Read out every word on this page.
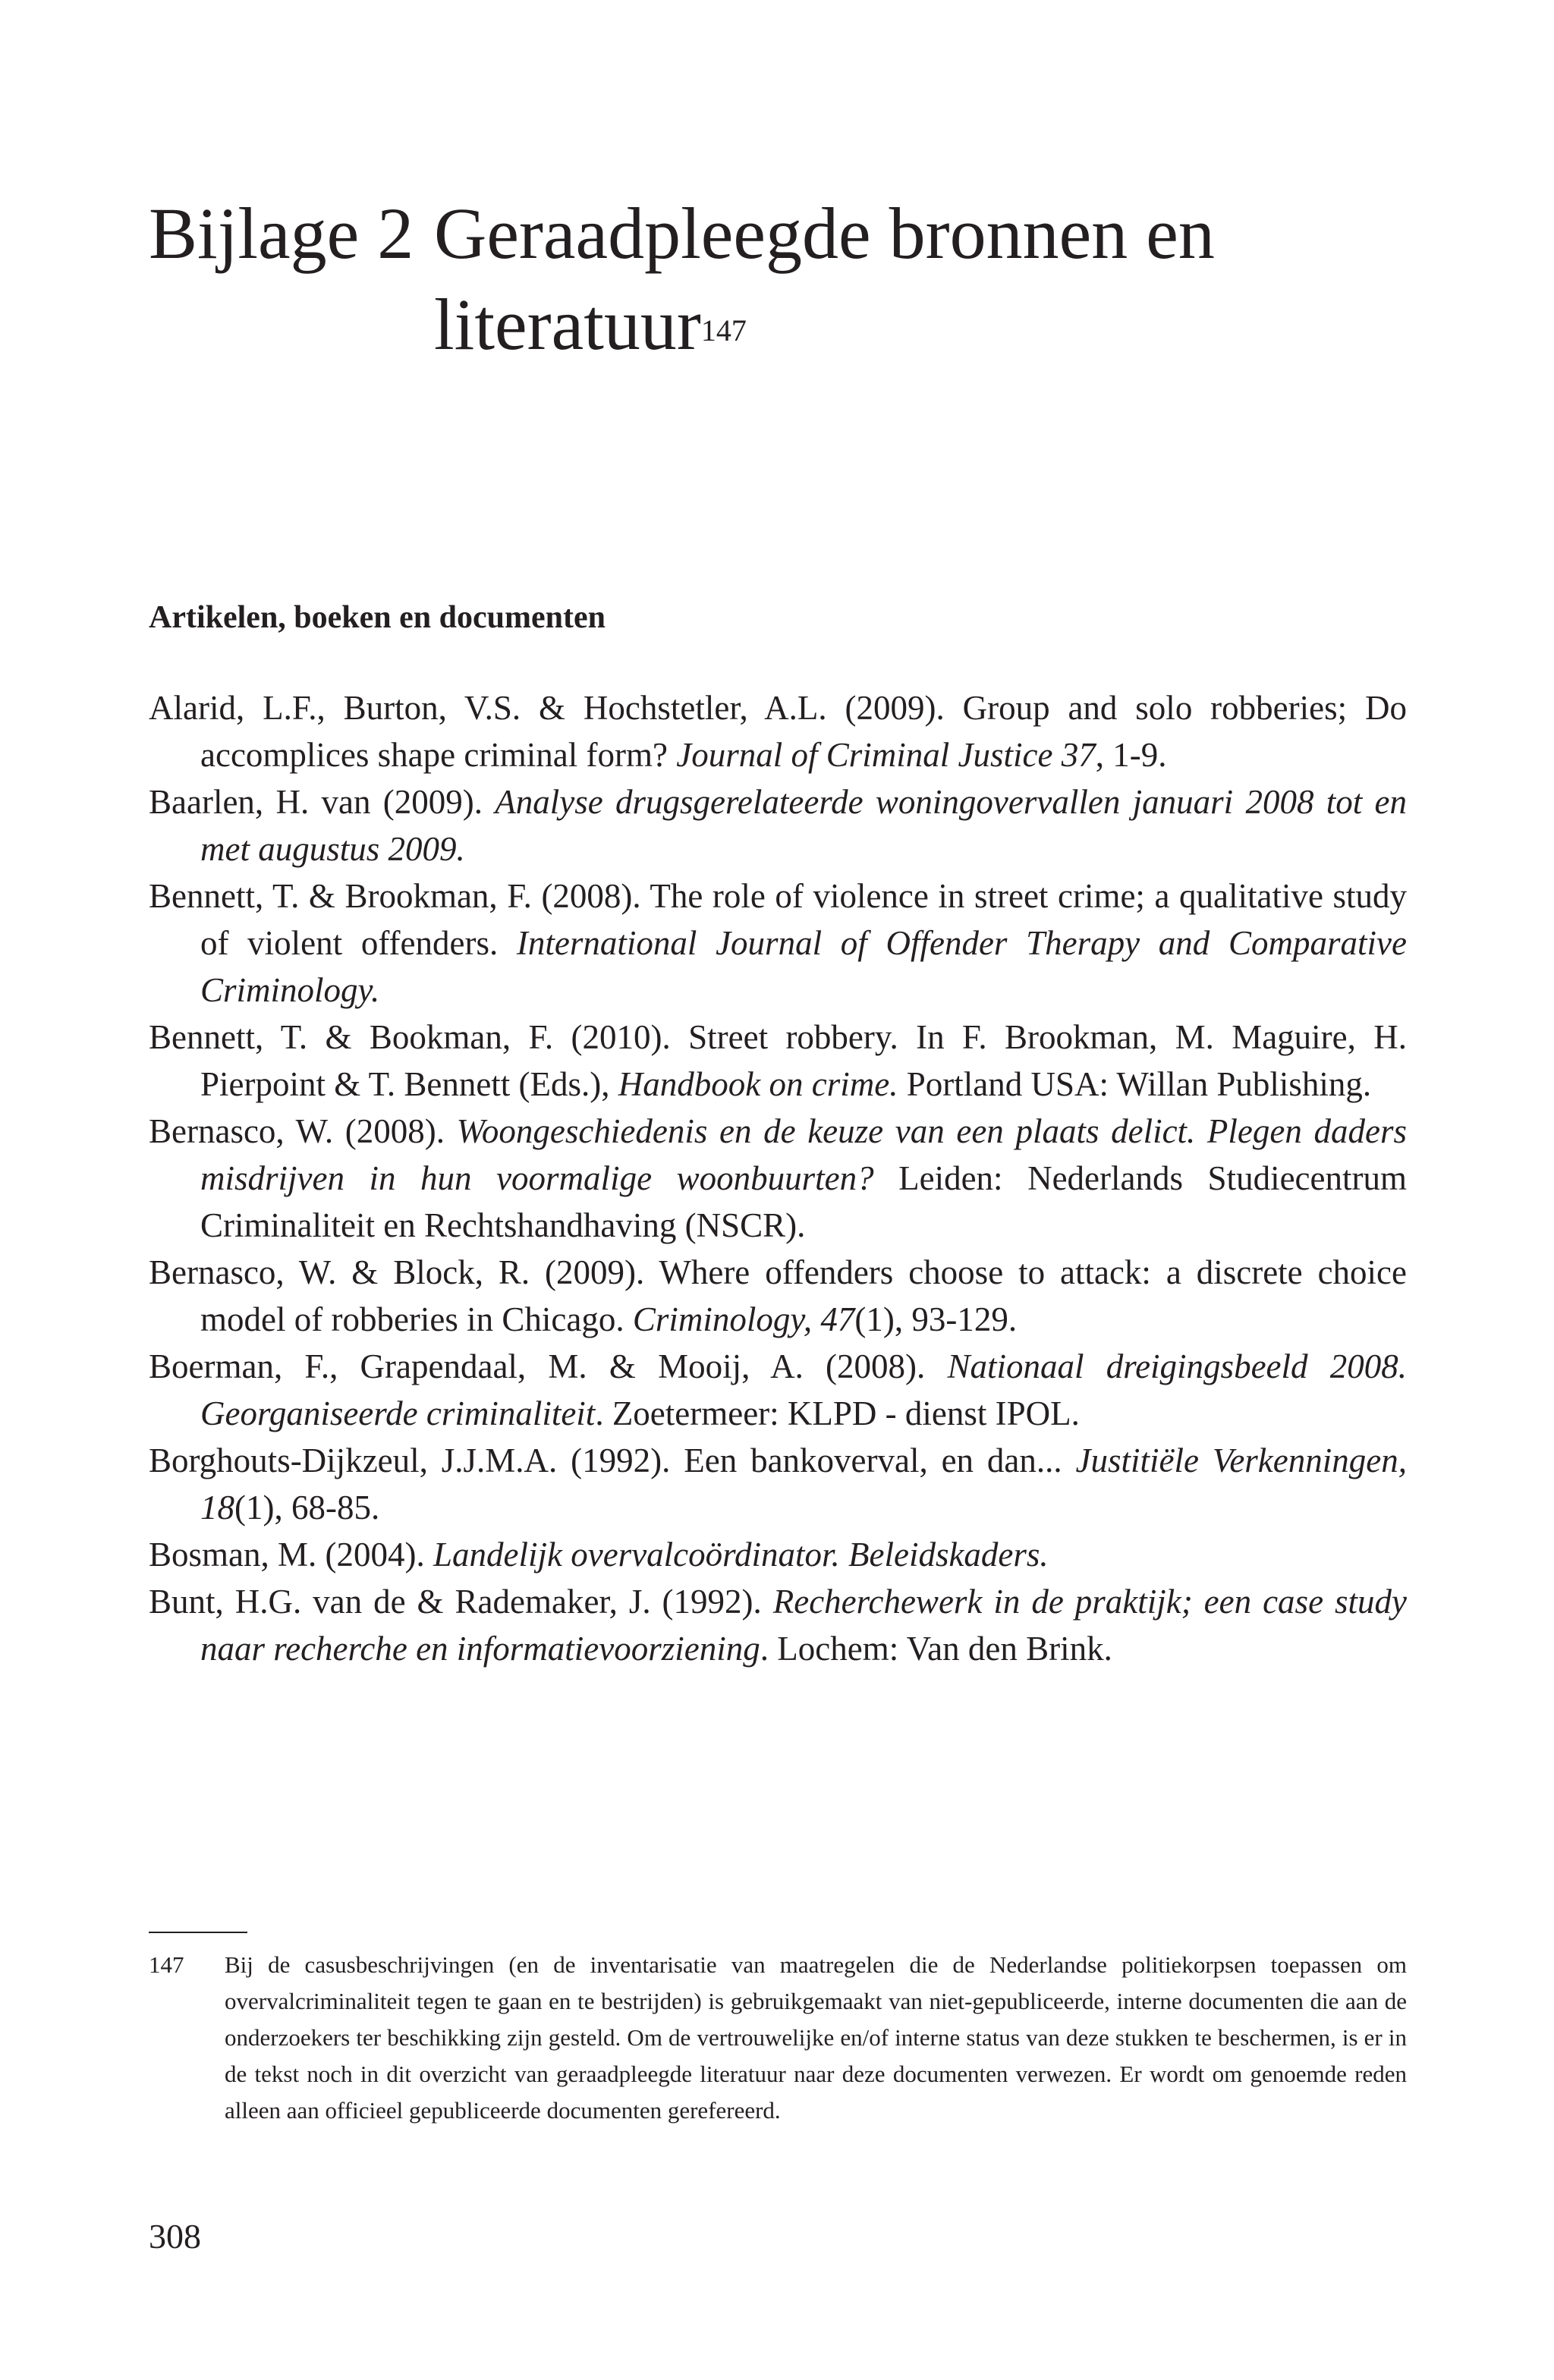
Bijlage 2 Geraadpleegde bronnen en literatuur$^{147}$
Artikelen, boeken en documenten
Alarid, L.F., Burton, V.S. & Hochstetler, A.L. (2009). Group and solo robberies; Do accomplices shape criminal form? Journal of Criminal Justice 37, 1-9.
Baarlen, H. van (2009). Analyse drugsgerelateerde woningovervallen januari 2008 tot en met augustus 2009.
Bennett, T. & Brookman, F. (2008). The role of violence in street crime; a qualitative study of violent offenders. International Journal of Offender Therapy and Comparative Criminology.
Bennett, T. & Bookman, F. (2010). Street robbery. In F. Brookman, M. Maguire, H. Pierpoint & T. Bennett (Eds.), Handbook on crime. Portland USA: Willan Publishing.
Bernasco, W. (2008). Woongeschiedenis en de keuze van een plaats delict. Plegen daders misdrijven in hun voormalige woonbuurten? Leiden: Nederlands Studiecentrum Criminaliteit en Rechtshandhaving (NSCR).
Bernasco, W. & Block, R. (2009). Where offenders choose to attack: a discrete choice model of robberies in Chicago. Criminology, 47(1), 93-129.
Boerman, F., Grapendaal, M. & Mooij, A. (2008). Nationaal dreigingsbeeld 2008. Georganiseerde criminaliteit. Zoetermeer: KLPD - dienst IPOL.
Borghouts-Dijkzeul, J.J.M.A. (1992). Een bankoverval, en dan... Justitiële Verkenningen, 18(1), 68-85.
Bosman, M. (2004). Landelijk overvalcoördinator. Beleidskaders.
Bunt, H.G. van de & Rademaker, J. (1992). Recherchewerk in de praktijk; een case study naar recherche en informatievoorziening. Lochem: Van den Brink.
147 Bij de casusbeschrijvingen (en de inventarisatie van maatregelen die de Nederlandse politiekorpsen toepassen om overvalcriminaliteit tegen te gaan en te bestrijden) is gebruikgemaakt van niet-gepubliceerde, interne documenten die aan de onderzoekers ter beschikking zijn gesteld. Om de vertrouwelijke en/of interne status van deze stukken te beschermen, is er in de tekst noch in dit overzicht van geraadpleegde literatuur naar deze documenten verwezen. Er wordt om genoemde reden alleen aan officieel gepubliceerde documenten gerefereerd.
308
